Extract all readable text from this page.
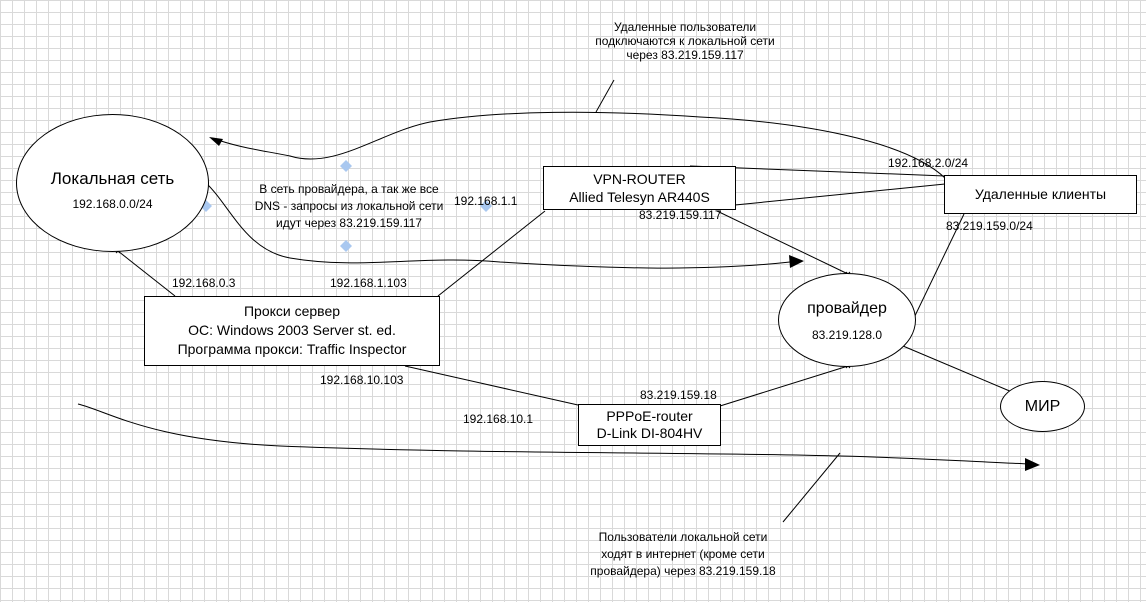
Локальная сеть
192.168.0.0/24
VPN-ROUTER
Allied Telesyn AR440S	Удаленные клиенты
Прокси сервер
ОС: Windows 2003 Server st. ed.
Программа прокси: Traffic Inspector
провайдер
83.219.128.0
PPPoE-router
D-Link DI-804HV
МИР
192.168.0.3	192.168.1.103
192.168.10.103
192.168.1.1
83.219.159.117
192.168.2.0/24
83.219.159.0/24
192.168.10.1
83.219.159.18
Удаленные пользователи
подключаются к локальной сети
через 83.219.159.117
В сеть провайдера, а так же все
DNS - запросы из локальной сети
идут через 83.219.159.117
Пользователи локальной сети
ходят в интернет (кроме сети
провайдера) через 83.219.159.18
